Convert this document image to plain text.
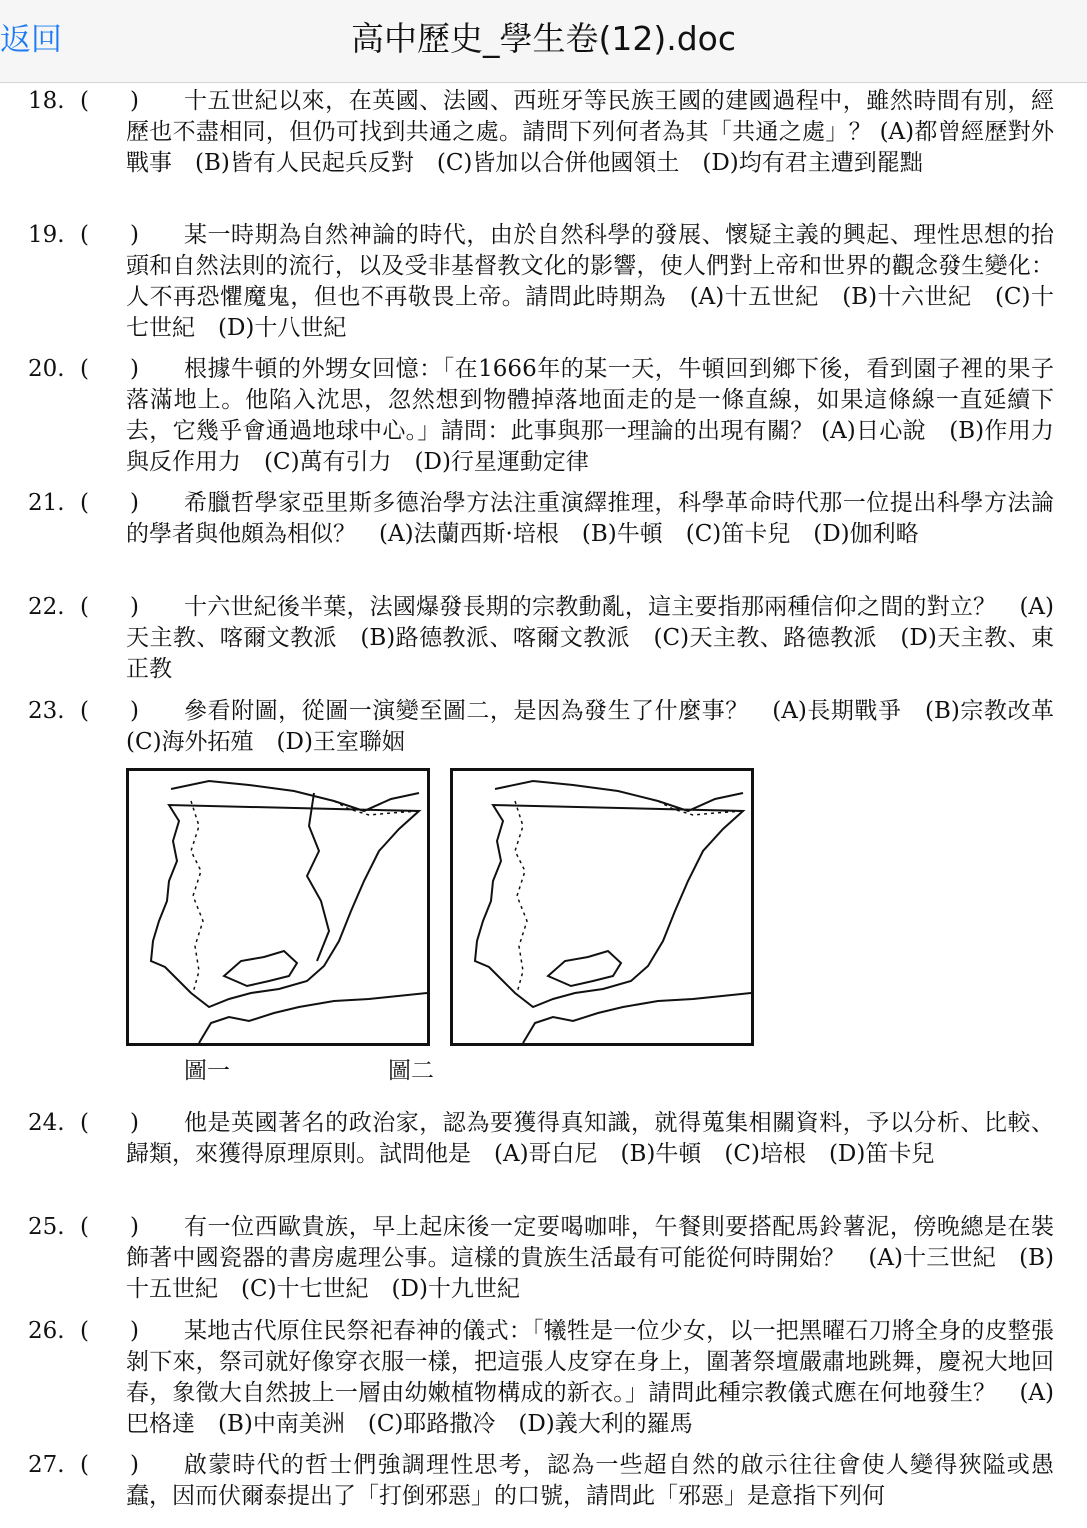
返回	高中歷史_學生卷(12).doc
18. ( )	十五世紀以來，在英國、法國、西班牙等民族王國的建國過程中，雖然時間有別，經歷也不盡相同，但仍可找到共通之處。請問下列何者為其「共通之處」？ (A)都曾經歷對外戰事　(B)皆有人民起兵反對　(C)皆加以合併他國領土　(D)均有君主遭到罷黜
19. ( )	某一時期為自然神論的時代，由於自然科學的發展、懷疑主義的興起、理性思想的抬頭和自然法則的流行，以及受非基督教文化的影響，使人們對上帝和世界的觀念發生變化：人不再恐懼魔鬼，但也不再敬畏上帝。請問此時期為　(A)十五世紀　(B)十六世紀　(C)十七世紀　(D)十八世紀
20. ( )	根據牛頓的外甥女回憶：「在1666年的某一天，牛頓回到鄉下後，看到園子裡的果子落滿地上。他陷入沈思，忽然想到物體掉落地面走的是一條直線，如果這條線一直延續下去，它幾乎會通過地球中心。」請問：此事與那一理論的出現有關？ (A)日心說　(B)作用力與反作用力　(C)萬有引力　(D)行星運動定律
21. ( )	希臘哲學家亞里斯多德治學方法注重演繹推理，科學革命時代那一位提出科學方法論的學者與他頗為相似？　(A)法蘭西斯·培根　(B)牛頓　(C)笛卡兒　(D)伽利略
22. ( )	十六世紀後半葉，法國爆發長期的宗教動亂，這主要指那兩種信仰之間的對立？　(A)天主教、喀爾文教派　(B)路德教派、喀爾文教派　(C)天主教、路德教派　(D)天主教、東正教
23. ( )	參看附圖，從圖一演變至圖二，是因為發生了什麼事？　(A)長期戰爭　(B)宗教改革　(C)海外拓殖　(D)王室聯姻
圖一	圖二
24. ( )	他是英國著名的政治家，認為要獲得真知識，就得蒐集相關資料，予以分析、比較、歸類，來獲得原理原則。試問他是　(A)哥白尼　(B)牛頓　(C)培根　(D)笛卡兒
25. ( )	有一位西歐貴族，早上起床後一定要喝咖啡，午餐則要搭配馬鈴薯泥，傍晚總是在裝飾著中國瓷器的書房處理公事。這樣的貴族生活最有可能從何時開始？　(A)十三世紀　(B)十五世紀　(C)十七世紀　(D)十九世紀
26. ( )	某地古代原住民祭祀春神的儀式：「犧牲是一位少女，以一把黑曜石刀將全身的皮整張剝下來，祭司就好像穿衣服一樣，把這張人皮穿在身上，圍著祭壇嚴肅地跳舞，慶祝大地回春，象徵大自然披上一層由幼嫩植物構成的新衣。」請問此種宗教儀式應在何地發生？　(A)巴格達　(B)中南美洲　(C)耶路撒冷　(D)義大利的羅馬
27. ( )	啟蒙時代的哲士們強調理性思考，認為一些超自然的啟示往往會使人變得狹隘或愚蠢，因而伏爾泰提出了「打倒邪惡」的口號，請問此「邪惡」是意指下列何
